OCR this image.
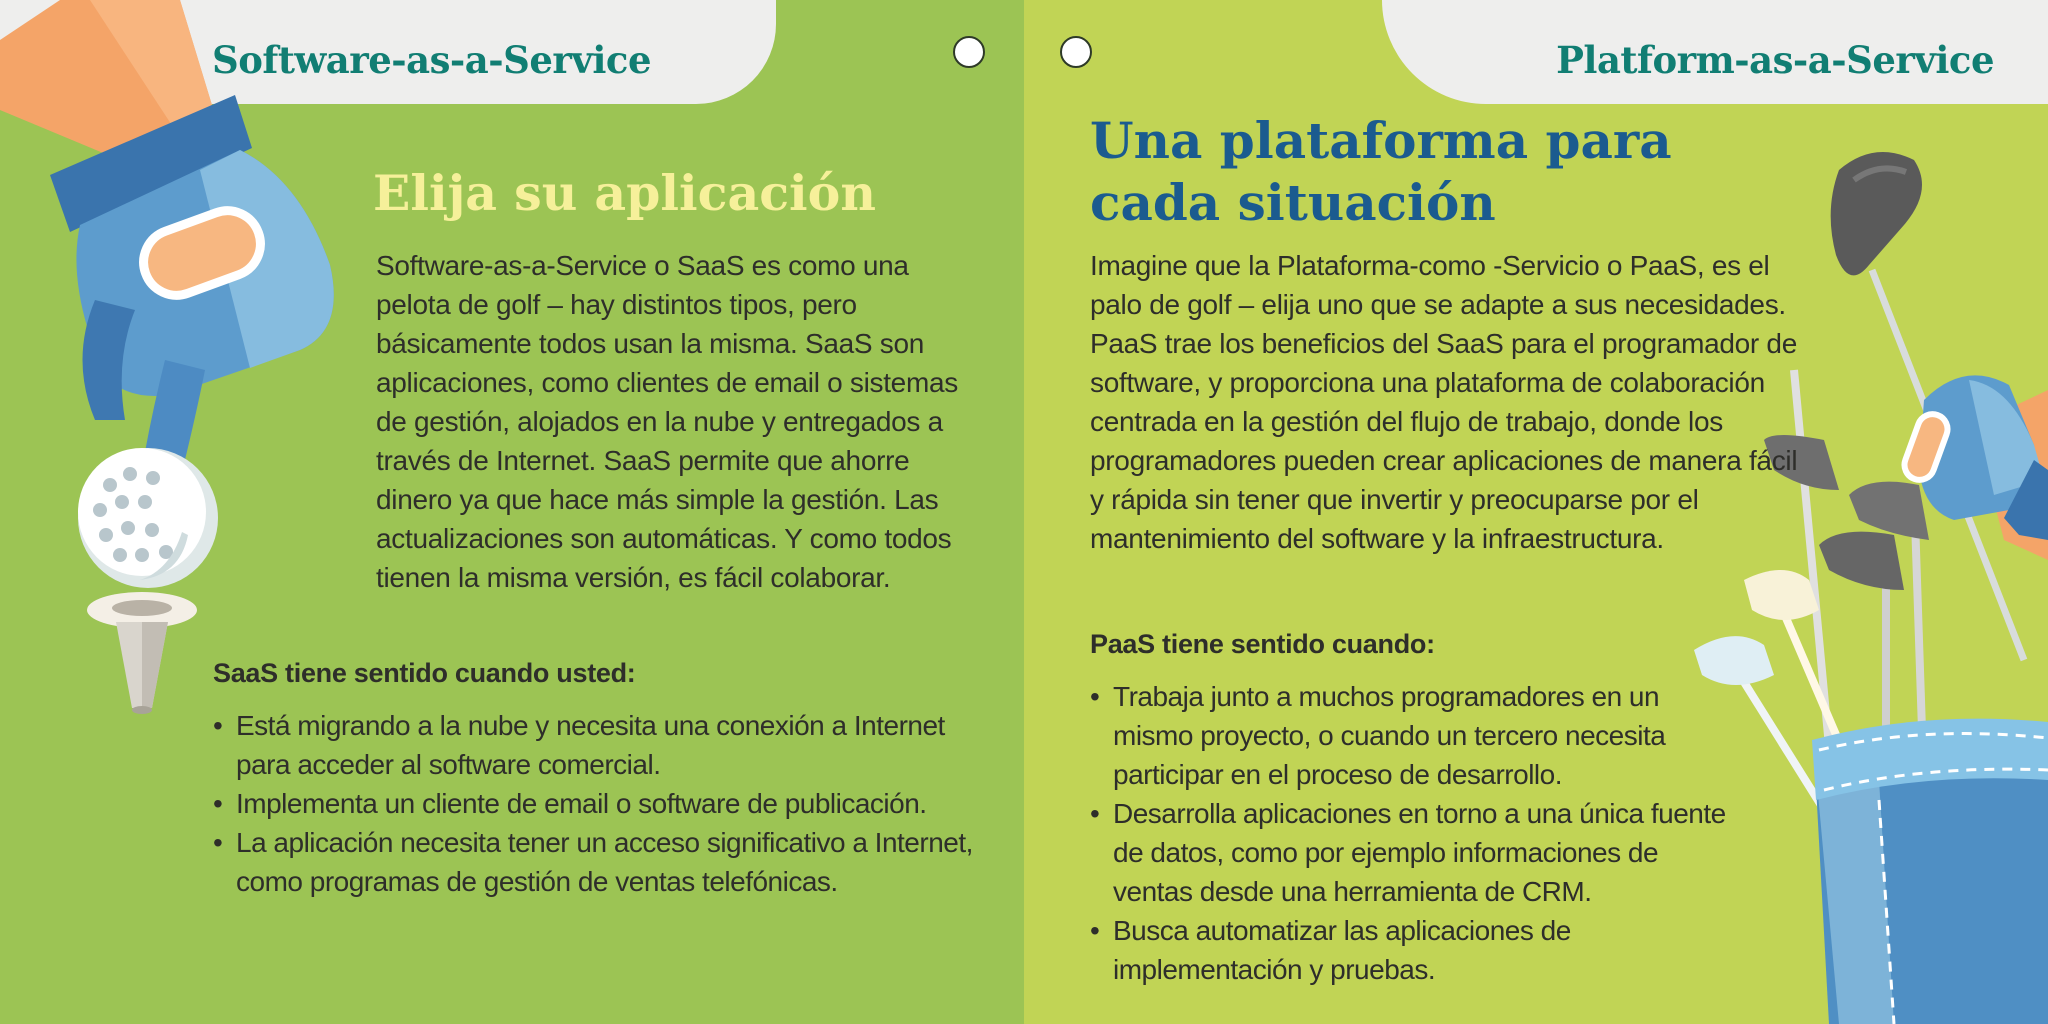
Software-as-a-Service
Elija su aplicación

Software-as-a-Service o SaaS es como una pelota de golf – hay distintos tipos, pero básicamente todos usan la misma. SaaS son aplicaciones, como clientes de email o sistemas de gestión, alojados en la nube y entregados a través de Internet. SaaS permite que ahorre dinero ya que hace más simple la gestión. Las actualizaciones son automáticas. Y como todos tienen la misma versión, es fácil colaborar.

SaaS tiene sentido cuando usted:
• Está migrando a la nube y necesita una conexión a Internet para acceder al software comercial.
• Implementa un cliente de email o software de publicación.
• La aplicación necesita tener un acceso significativo a Internet, como programas de gestión de ventas telefónicas.
Platform-as-a-Service
Una plataforma para
cada situación

Imagine que la Plataforma-como -Servicio o PaaS, es el palo de golf – elija uno que se adapte a sus necesidades. PaaS trae los beneficios del SaaS para el programador de software, y proporciona una plataforma de colaboración centrada en la gestión del flujo de trabajo, donde los programadores pueden crear aplicaciones de manera fácil y rápida sin tener que invertir y preocuparse por el mantenimiento del software y la infraestructura.

PaaS tiene sentido cuando:
• Trabaja junto a muchos programadores en un mismo proyecto, o cuando un tercero necesita participar en el proceso de desarrollo.
• Desarrolla aplicaciones en torno a una única fuente de datos, como por ejemplo informaciones de ventas desde una herramienta de CRM.
• Busca automatizar las aplicaciones de implementación y pruebas.
